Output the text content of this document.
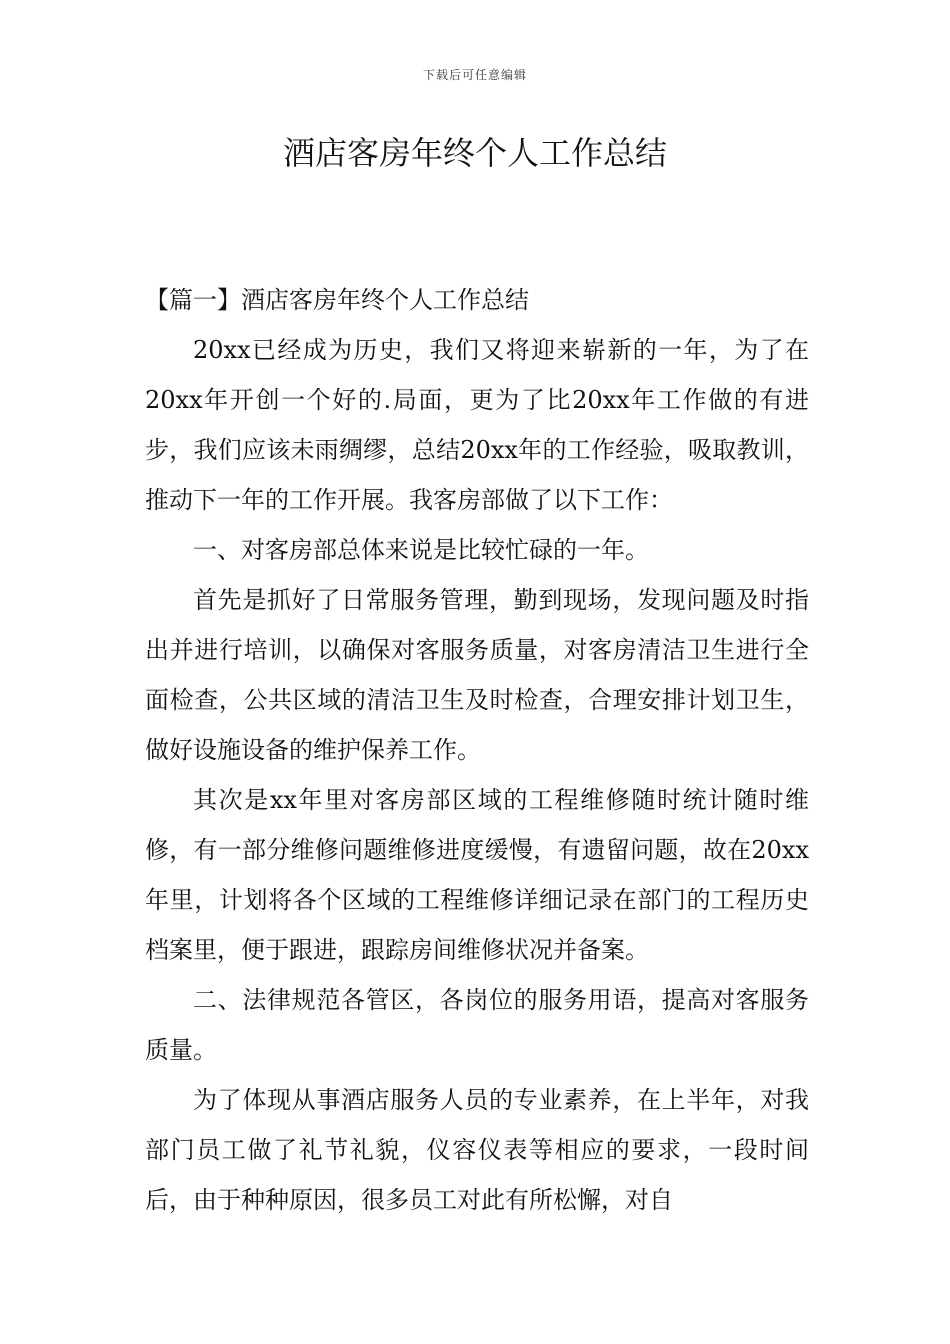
下载后可任意编辑
酒店客房年终个人工作总结

【篇一】酒店客房年终个人工作总结

20xx已经成为历史，我们又将迎来崭新的一年，为了在20xx年开创一个好的.局面，更为了比20xx年工作做的有进步，我们应该未雨绸缪，总结20xx年的工作经验，吸取教训，推动下一年的工作开展。我客房部做了以下工作：

一、对客房部总体来说是比较忙碌的一年。

首先是抓好了日常服务管理，勤到现场，发现问题及时指出并进行培训，以确保对客服务质量，对客房清洁卫生进行全面检查，公共区域的清洁卫生及时检查，合理安排计划卫生，做好设施设备的维护保养工作。

其次是xx年里对客房部区域的工程维修随时统计随时维修，有一部分维修问题维修进度缓慢，有遗留问题，故在20xx年里，计划将各个区域的工程维修详细记录在部门的工程历史档案里，便于跟进，跟踪房间维修状况并备案。

二、法律规范各管区，各岗位的服务用语，提高对客服务质量。

为了体现从事酒店服务人员的专业素养，在上半年，对我部门员工做了礼节礼貌，仪容仪表等相应的要求，一段时间后，由于种种原因，很多员工对此有所松懈，对自
